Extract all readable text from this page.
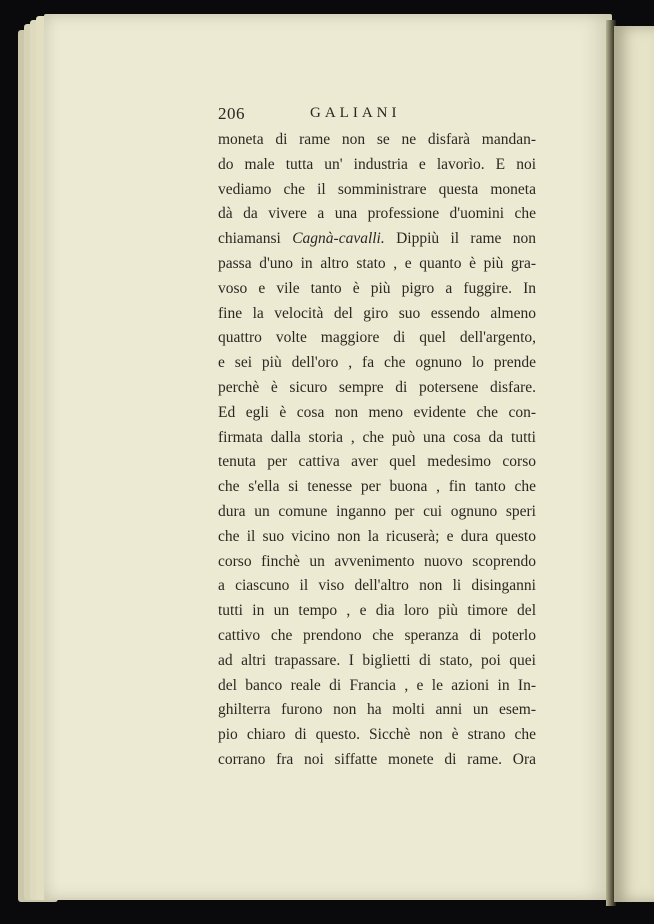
206	GALIANI
moneta di rame non se ne disfarà mandan-
do male tutta un' industria e lavorìo. E noi
vediamo che il somministrare questa moneta
dà da vivere a una professione d'uomini che
chiamansi Cagnà-cavalli. Dippiù il rame non
passa d'uno in altro stato , e quanto è più gra-
voso e vile tanto è più pigro a fuggire. In
fine la velocità del giro suo essendo almeno
quattro volte maggiore di quel dell'argento,
e sei più dell'oro , fa che ognuno lo prende
perchè è sicuro sempre di potersene disfare.
Ed egli è cosa non meno evidente che con-
firmata dalla storia , che può una cosa da tutti
tenuta per cattiva aver quel medesimo corso
che s'ella si tenesse per buona , fin tanto che
dura un comune inganno per cui ognuno speri
che il suo vicino non la ricuserà; e dura questo
corso finchè un avvenimento nuovo scoprendo
a ciascuno il viso dell'altro non li disinganni
tutti in un tempo , e dia loro più timore del
cattivo che prendono che speranza di poterlo
ad altri trapassare. I biglietti di stato, poi quei
del banco reale di Francia , e le azioni in In-
ghilterra furono non ha molti anni un esem-
pio chiaro di questo. Sicchè non è strano che
corrano fra noi siffatte monete di rame. Ora
